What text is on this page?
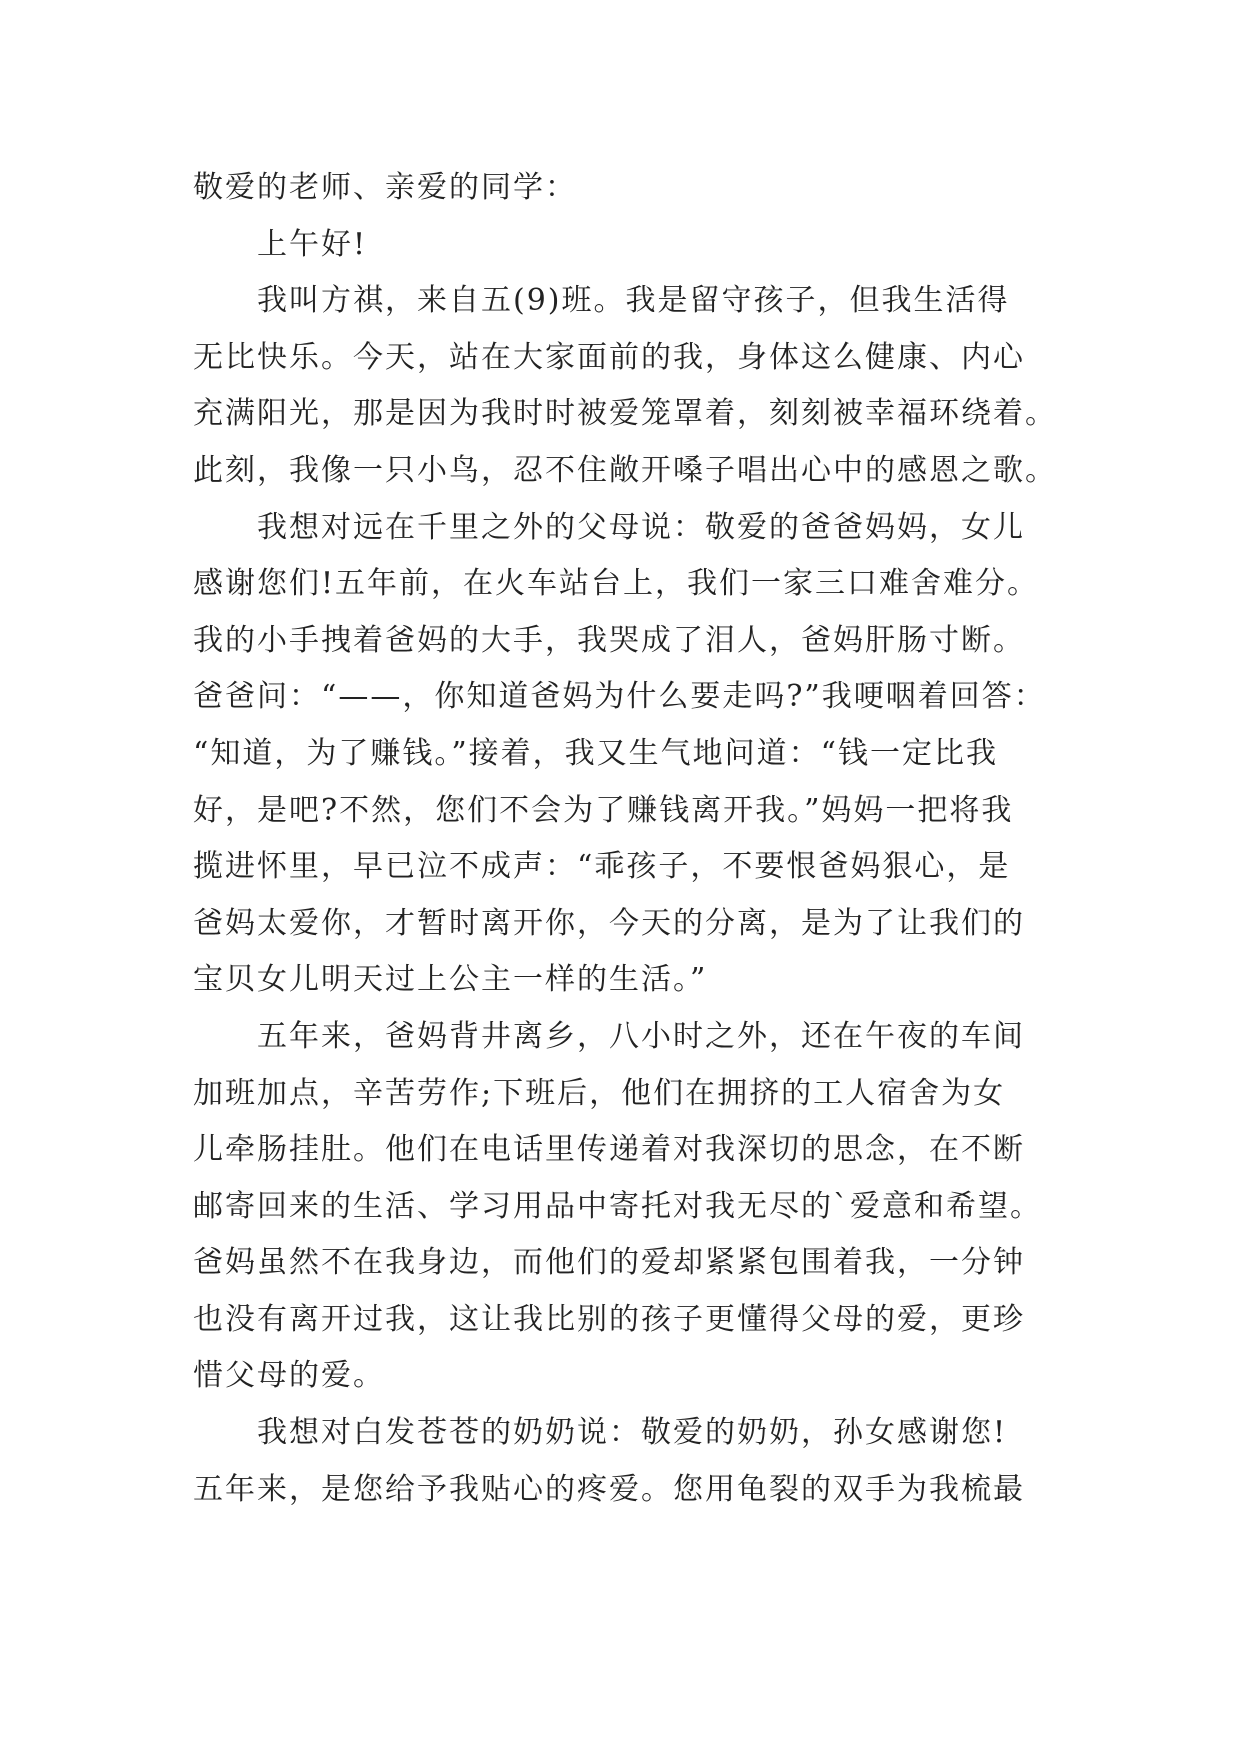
敬爱的老师、亲爱的同学：
上午好!
我叫方祺，来自五(9)班。我是留守孩子，但我生活得
无比快乐。今天，站在大家面前的我，身体这么健康、内心
充满阳光，那是因为我时时被爱笼罩着，刻刻被幸福环绕着。
此刻，我像一只小鸟，忍不住敞开嗓子唱出心中的感恩之歌。
我想对远在千里之外的父母说：敬爱的爸爸妈妈，女儿
感谢您们!五年前，在火车站台上，我们一家三口难舍难分。
我的小手拽着爸妈的大手，我哭成了泪人，爸妈肝肠寸断。
爸爸问：“——，你知道爸妈为什么要走吗?”我哽咽着回答：
“知道，为了赚钱。”接着，我又生气地问道：“钱一定比我
好，是吧?不然，您们不会为了赚钱离开我。”妈妈一把将我
揽进怀里，早已泣不成声：“乖孩子，不要恨爸妈狠心，是
爸妈太爱你，才暂时离开你，今天的分离，是为了让我们的
宝贝女儿明天过上公主一样的生活。”
五年来，爸妈背井离乡，八小时之外，还在午夜的车间
加班加点，辛苦劳作;下班后，他们在拥挤的工人宿舍为女
儿牵肠挂肚。他们在电话里传递着对我深切的思念，在不断
邮寄回来的生活、学习用品中寄托对我无尽的`爱意和希望。
爸妈虽然不在我身边，而他们的爱却紧紧包围着我，一分钟
也没有离开过我，这让我比别的孩子更懂得父母的爱，更珍
惜父母的爱。
我想对白发苍苍的奶奶说：敬爱的奶奶，孙女感谢您!
五年来，是您给予我贴心的疼爱。您用龟裂的双手为我梳最
